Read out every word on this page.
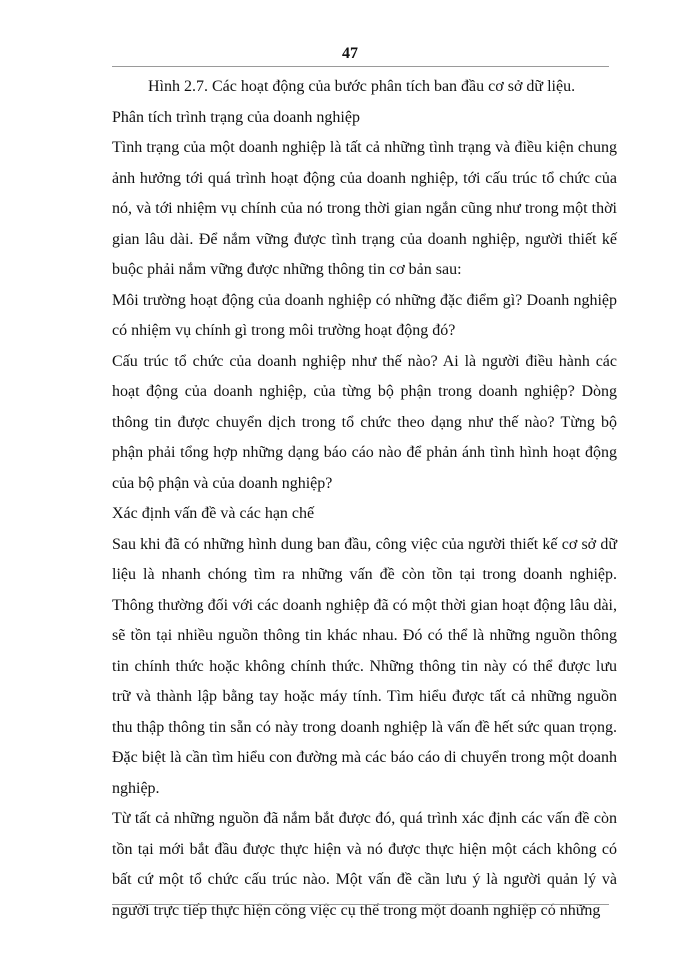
47

Hình 2.7. Các hoạt động của bước phân tích ban đầu cơ sở dữ liệu.

Phân tích trình trạng của doanh nghiệp

Tình trạng của một doanh nghiệp là tất cả những tình trạng và điều kiện chung ảnh hưởng tới quá trình hoạt động của doanh nghiệp, tới cấu trúc tổ chức của nó, và tới nhiệm vụ chính của nó trong thời gian ngắn cũng như trong một thời gian lâu dài. Để nắm vững được tình trạng của doanh nghiệp, người thiết kế buộc phải nắm vững được những thông tin cơ bản sau:

Môi trường hoạt động của doanh nghiệp có những đặc điểm gì? Doanh nghiệp có nhiệm vụ chính gì trong môi trường hoạt động đó?

Cấu trúc tổ chức của doanh nghiệp như thế nào? Ai là người điều hành các hoạt động của doanh nghiệp, của từng bộ phận trong doanh nghiệp? Dòng thông tin được chuyển dịch trong tổ chức theo dạng như thế nào? Từng bộ phận phải tổng hợp những dạng báo cáo nào để phản ánh tình hình hoạt động của bộ phận và của doanh nghiệp?

Xác định vấn đề và các hạn chế

Sau khi đã có những hình dung ban đầu, công việc của người thiết kế cơ sở dữ liệu là nhanh chóng tìm ra những vấn đề còn tồn tại trong doanh nghiệp. Thông thường đối với các doanh nghiệp đã có một thời gian hoạt động lâu dài, sẽ tồn tại nhiều nguồn thông tin khác nhau. Đó có thể là những nguồn thông tin chính thức hoặc không chính thức. Những thông tin này có thể được lưu trữ và thành lập bằng tay hoặc máy tính. Tìm hiểu được tất cả những nguồn thu thập thông tin sẵn có này trong doanh nghiệp là vấn đề hết sức quan trọng. Đặc biệt là cần tìm hiểu con đường mà các báo cáo di chuyển trong một doanh nghiệp.

Từ tất cả những nguồn đã nắm bắt được đó, quá trình xác định các vấn đề còn tồn tại mới bắt đầu được thực hiện và nó được thực hiện một cách không có bất cứ một tổ chức cấu trúc nào. Một vấn đề cần lưu ý là người quản lý và người trực tiếp thực hiện công việc cụ thể trong một doanh nghiệp có những
